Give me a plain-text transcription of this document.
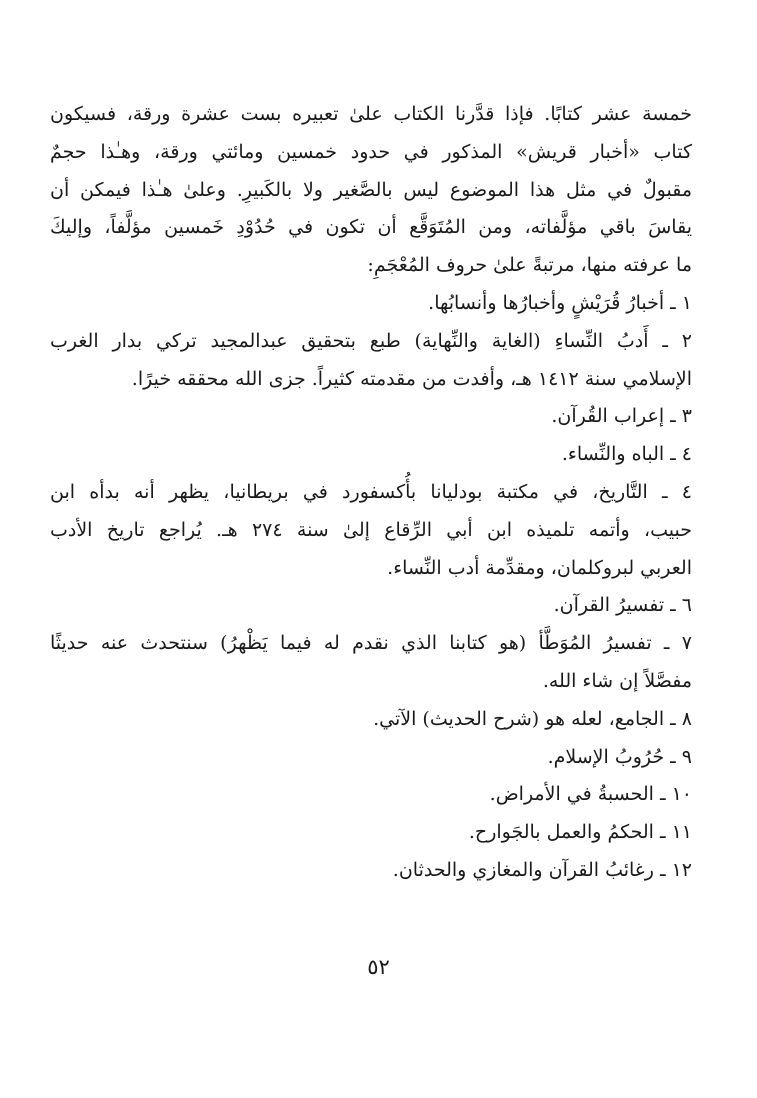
خمسة عشر كتابًا. فإذا قدَّرنا الكتاب علىٰ تعبيره بست عشرة ورقة، فسيكون
كتاب «أخبار قريش» المذكور في حدود خمسين ومائتي ورقة، وهـٰذا حجمٌ
مقبولٌ في مثل هذا الموضوع ليس بالصَّغير ولا بالكَبيرِ. وعلىٰ هـٰذا فيمكن أن
يقاسَ باقي مؤلَّفاته، ومن المُتَوَقَّع أن تكون في حُدُوْدِ خَمسين مؤلَّفاً، وإليكَ
ما عرفته منها، مرتبةً علىٰ حروف المُعْجَمِ:
١ ـ أخبارُ قُرَيْشٍ وأخبارُها وأنسابُها.
٢ ـ أَدبُ النِّساءِ (الغاية والنِّهاية) طبع بتحقيق عبدالمجيد تركي بدار الغرب
الإسلامي سنة ١٤١٢ هـ، وأفدت من مقدمته كثيراً. جزى الله محققه خيرًا.
٣ ـ إعراب القُرآن.
٤ ـ الباه والنِّساء.
٤ ـ التَّاريخ، في مكتبة بودليانا بأُكسفورد في بريطانيا، يظهر أنه بدأه ابن
حبيب، وأتمه تلميذه ابن أبي الرِّقاع إلىٰ سنة ٢٧٤ هـ. يُراجع تاريخ الأدب
العربي لبروكلمان، ومقدِّمة أدب النِّساء.
٦ ـ تفسيرُ القرآن.
٧ ـ تفسيرُ المُوَطَّأ (هو كتابنا الذي نقدم له فيما يَظْهرُ) سنتحدث عنه حديثًا
مفصَّلاً إن شاء الله.
٨ ـ الجامع، لعله هو (شرح الحديث) الآتي.
٩ ـ حُرُوبُ الإسلام.
١٠ ـ الحسبةُ في الأمراض.
١١ ـ الحكمُ والعمل بالجَوارح.
١٢ ـ رغائبُ القرآن والمغازي والحدثان.
٥٢
